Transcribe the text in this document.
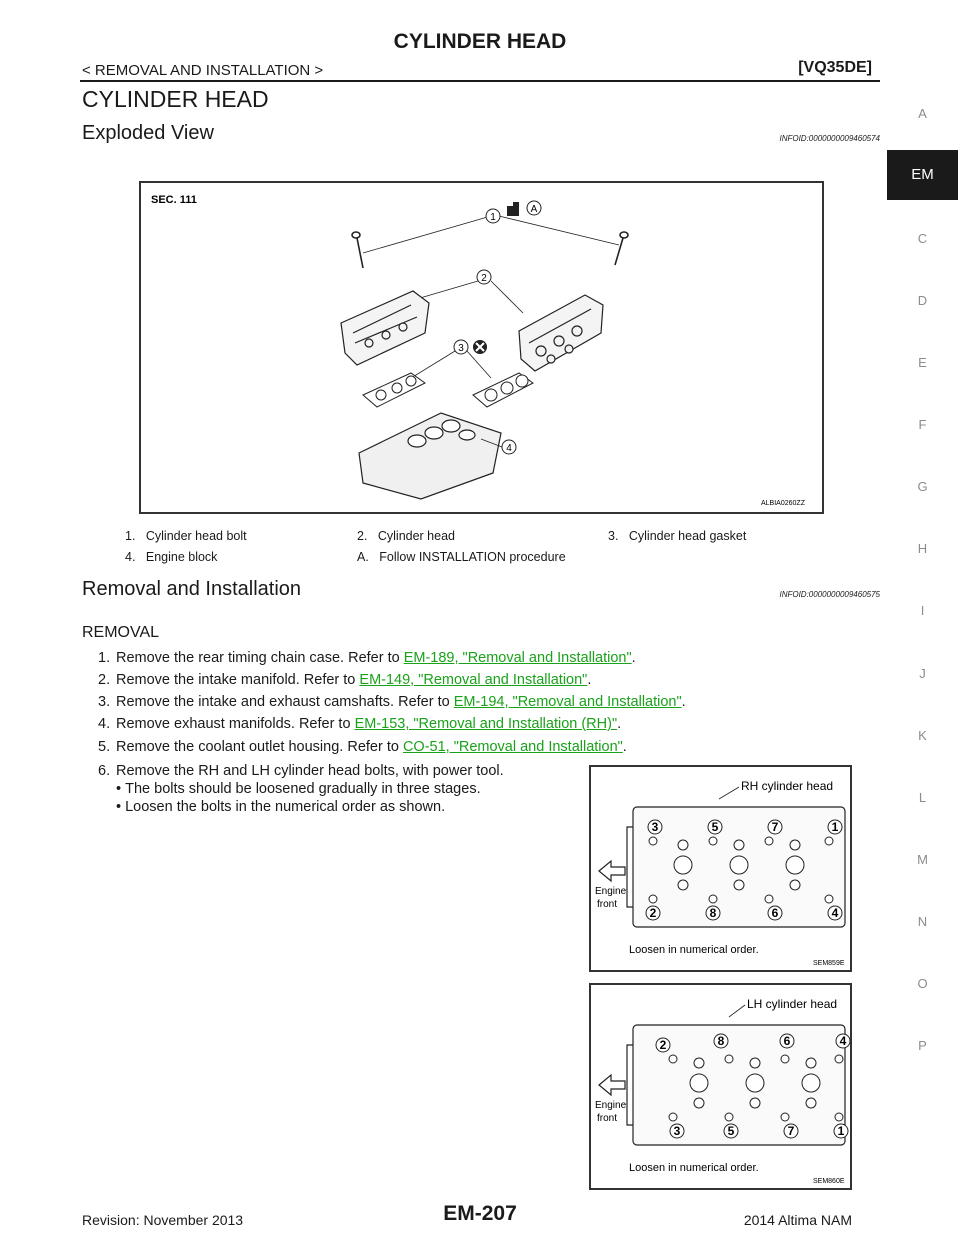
CYLINDER HEAD
< REMOVAL AND INSTALLATION >	[VQ35DE]
CYLINDER HEAD
Exploded View	INFOID:0000000009460574
SEC. 111
1
A
2
3
4
ALBIA0260ZZ
1. Cylinder head bolt	2. Cylinder head	3. Cylinder head gasket
4. Engine block	A. Follow INSTALLATION procedure
Removal and Installation	INFOID:0000000009460575
REMOVAL
1. Remove the rear timing chain case. Refer to EM-189, "Removal and Installation".
2. Remove the intake manifold. Refer to EM-149, "Removal and Installation".
3. Remove the intake and exhaust camshafts. Refer to EM-194, "Removal and Installation".
4. Remove exhaust manifolds. Refer to EM-153, "Removal and Installation (RH)".
5. Remove the coolant outlet housing. Refer to CO-51, "Removal and Installation".
6. Remove the RH and LH cylinder head bolts, with power tool.
• The bolts should be loosened gradually in three stages.
• Loosen the bolts in the numerical order as shown.
RH cylinder head
3	5	7	1
2	8	6	4
Engine
front
Loosen in numerical order.
SEM859E
LH cylinder head
2	8	6	4
3	5	7	1
Engine
front
Loosen in numerical order.
SEM860E
A
EM
C
D
E
F
G
H
I
J
K
L
M
N
O
P
Revision: November 2013	EM-207	2014 Altima NAM
